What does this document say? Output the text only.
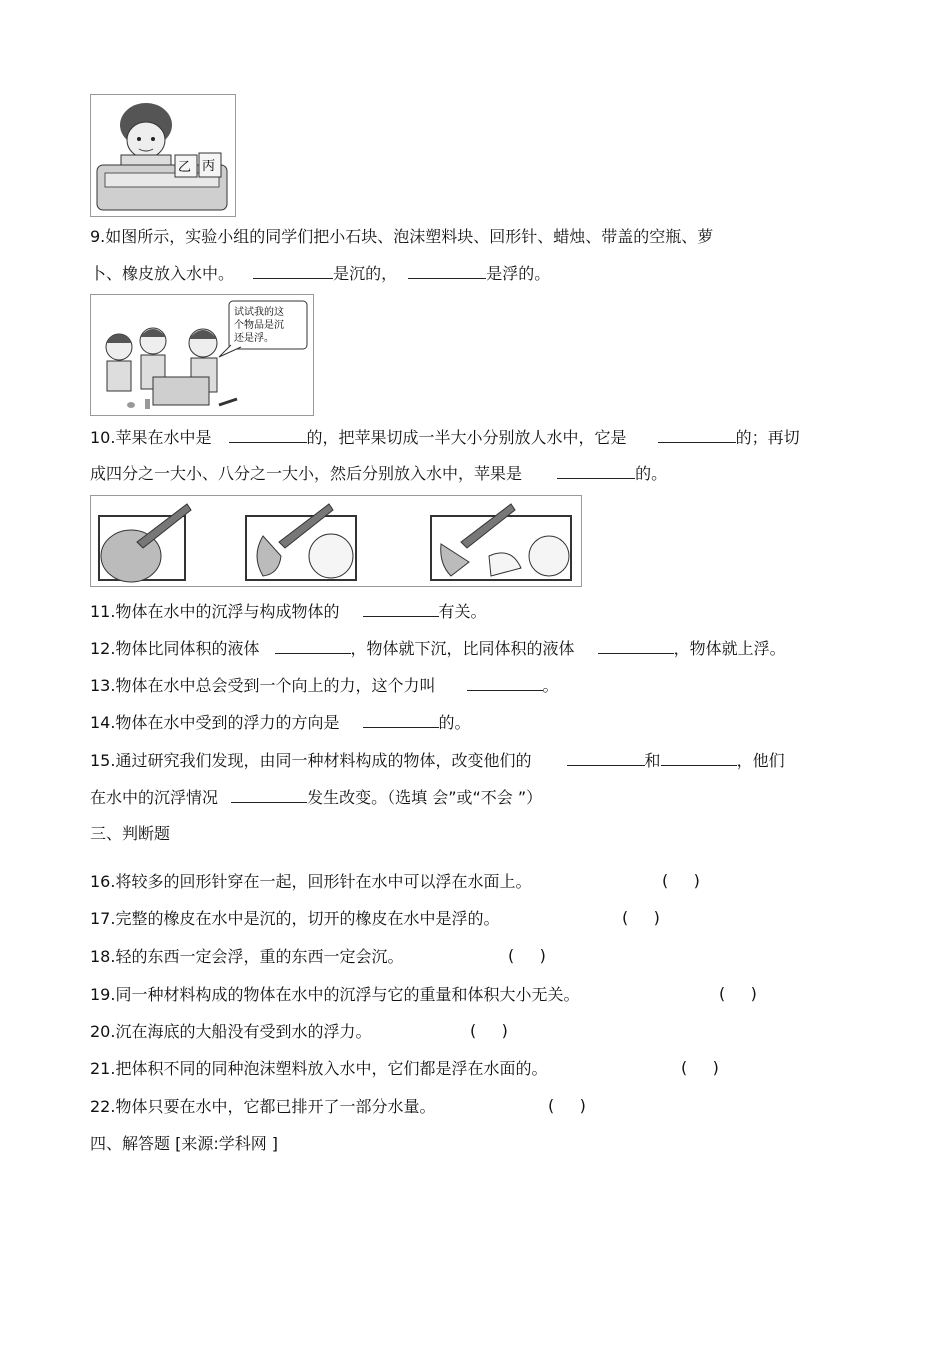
乙 丙
9.如图所示，实验小组的同学们把小石块、泡沫塑料块、回形针、蜡烛、带盖的空瓶、萝
卜、橡皮放入水中。	是沉的，	是浮的。
试试我的这
个物品是沉
还是浮。
10.苹果在水中是	的，把苹果切成一半大小分别放人水中，它是	的；再切
成四分之一大小、八分之一大小，然后分别放入水中，苹果是	的。
11.物体在水中的沉浮与构成物体的	有关。
12.物体比同体积的液体	，物体就下沉，比同体积的液体	，物体就上浮。
13.物体在水中总会受到一个向上的力，这个力叫	。
14.物体在水中受到的浮力的方向是	的。
15.通过研究我们发现，由同一种材料构成的物体，改变他们的	和	，他们
在水中的沉浮情况	发生改变。（选填 会”或“不会 ”）
三、判断题
16.将较多的回形针穿在一起，回形针在水中可以浮在水面上。	(     )
17.完整的橡皮在水中是沉的，切开的橡皮在水中是浮的。	(     )
18.轻的东西一定会浮，重的东西一定会沉。	(     )
19.同一种材料构成的物体在水中的沉浮与它的重量和体积大小无关。	(     )
20.沉在海底的大船没有受到水的浮力。	(     )
21.把体积不同的同种泡沫塑料放入水中，它们都是浮在水面的。	(     )
22.物体只要在水中，它都已排开了一部分水量。	(     )
四、解答题 [来源:学科网 ]
